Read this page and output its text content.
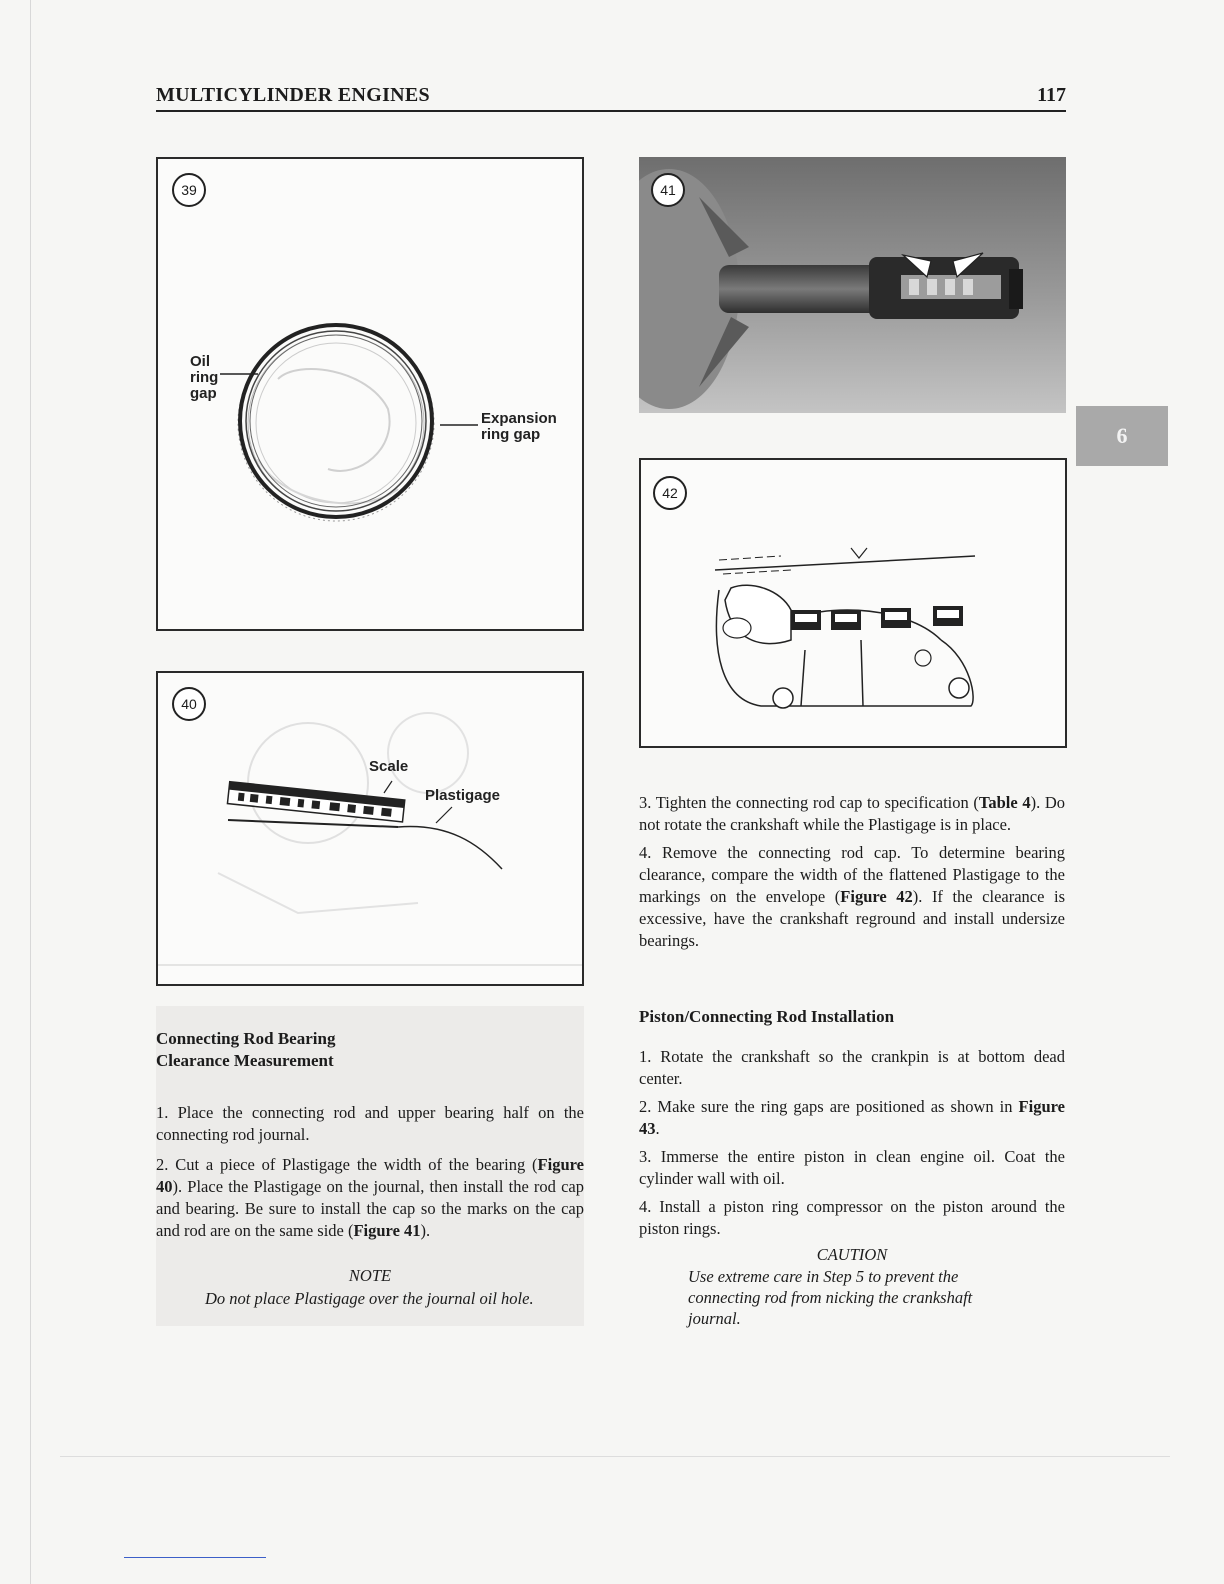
MULTICYLINDER ENGINES	117
6
39
Oil
ring
gap
Expansion
ring gap
40
Scale
Plastigage
41
42
Connecting Rod Bearing
Clearance Measurement

1. Place the connecting rod and upper bearing half on the connecting rod journal.

2. Cut a piece of Plastigage the width of the bearing (Figure 40). Place the Plastigage on the journal, then install the rod cap and bearing. Be sure to install the cap so the marks on the cap and rod are on the same side (Figure 41).

NOTE
Do not place Plastigage over the journal oil hole.

3. Tighten the connecting rod cap to specification (Table 4). Do not rotate the crankshaft while the Plastigage is in place.

4. Remove the connecting rod cap. To determine bearing clearance, compare the width of the flattened Plastigage to the markings on the envelope (Figure 42). If the clearance is excessive, have the crankshaft reground and install undersize bearings.

Piston/Connecting Rod Installation

1. Rotate the crankshaft so the crankpin is at bottom dead center.

2. Make sure the ring gaps are positioned as shown in Figure 43.

3. Immerse the entire piston in clean engine oil. Coat the cylinder wall with oil.

4. Install a piston ring compressor on the piston around the piston rings.

CAUTION
Use extreme care in Step 5 to prevent the connecting rod from nicking the crankshaft journal.
